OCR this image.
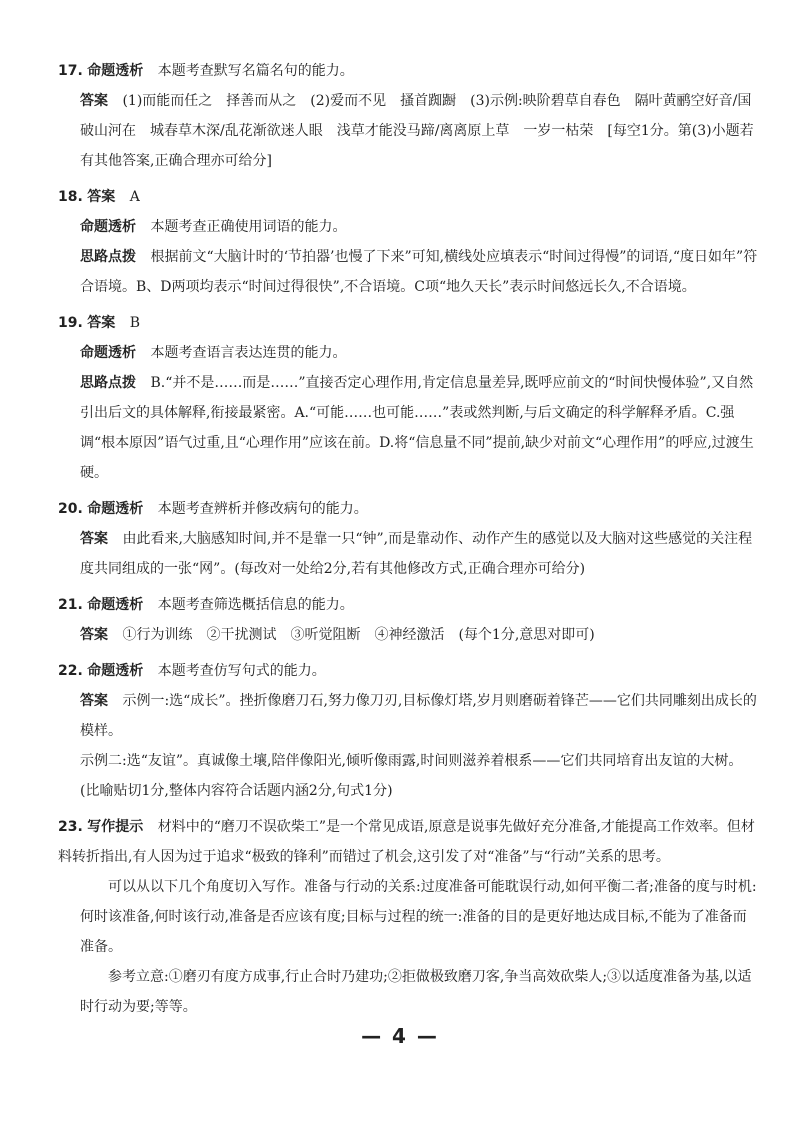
17. 命题透析 本题考查默写名篇名句的能力。
答案 (1)而能而任之　择善而从之　(2)爱而不见　搔首踟蹰　(3)示例:映阶碧草自春色　隔叶黄鹂空好音/国破山河在　城春草木深/乱花渐欲迷人眼　浅草才能没马蹄/离离原上草　一岁一枯荣　[每空1分。第(3)小题若有其他答案,正确合理亦可给分]
18. 答案 A
命题透析 本题考查正确使用词语的能力。
思路点拨 根据前文“大脑计时的‘节拍器’也慢了下来”可知,横线处应填表示“时间过得慢”的词语,“度日如年”符合语境。B、D两项均表示“时间过得很快”,不合语境。C项“地久天长”表示时间悠远长久,不合语境。
19. 答案 B
命题透析 本题考查语言表达连贯的能力。
思路点拨 B.“并不是……而是……”直接否定心理作用,肯定信息量差异,既呼应前文的“时间快慢体验”,又自然引出后文的具体解释,衔接最紧密。A.“可能……也可能……”表或然判断,与后文确定的科学解释矛盾。C.强调“根本原因”语气过重,且“心理作用”应该在前。D.将“信息量不同”提前,缺少对前文“心理作用”的呼应,过渡生硬。
20. 命题透析 本题考查辨析并修改病句的能力。
答案 由此看来,大脑感知时间,并不是靠一只“钟”,而是靠动作、动作产生的感觉以及大脑对这些感觉的关注程度共同组成的一张“网”。(每改对一处给2分,若有其他修改方式,正确合理亦可给分)
21. 命题透析 本题考查筛选概括信息的能力。
答案 ①行为训练　②干扰测试　③听觉阻断　④神经激活　(每个1分,意思对即可)
22. 命题透析 本题考查仿写句式的能力。
答案 示例一:选“成长”。挫折像磨刀石,努力像刀刃,目标像灯塔,岁月则磨砺着锋芒——它们共同雕刻出成长的模样。
示例二:选“友谊”。真诚像土壤,陪伴像阳光,倾听像雨露,时间则滋养着根系——它们共同培育出友谊的大树。
(比喻贴切1分,整体内容符合话题内涵2分,句式1分)
23. 写作提示 材料中的“磨刀不误砍柴工”是一个常见成语,原意是说事先做好充分准备,才能提高工作效率。但材料转折指出,有人因为过于追求“极致的锋利”而错过了机会,这引发了对“准备”与“行动”关系的思考。
可以从以下几个角度切入写作。准备与行动的关系:过度准备可能耽误行动,如何平衡二者;准备的度与时机:何时该准备,何时该行动,准备是否应该有度;目标与过程的统一:准备的目的是更好地达成目标,不能为了准备而准备。
参考立意:①磨刃有度方成事,行止合时乃建功;②拒做极致磨刀客,争当高效砍柴人;③以适度准备为基,以适时行动为要;等等。
— 4 —
